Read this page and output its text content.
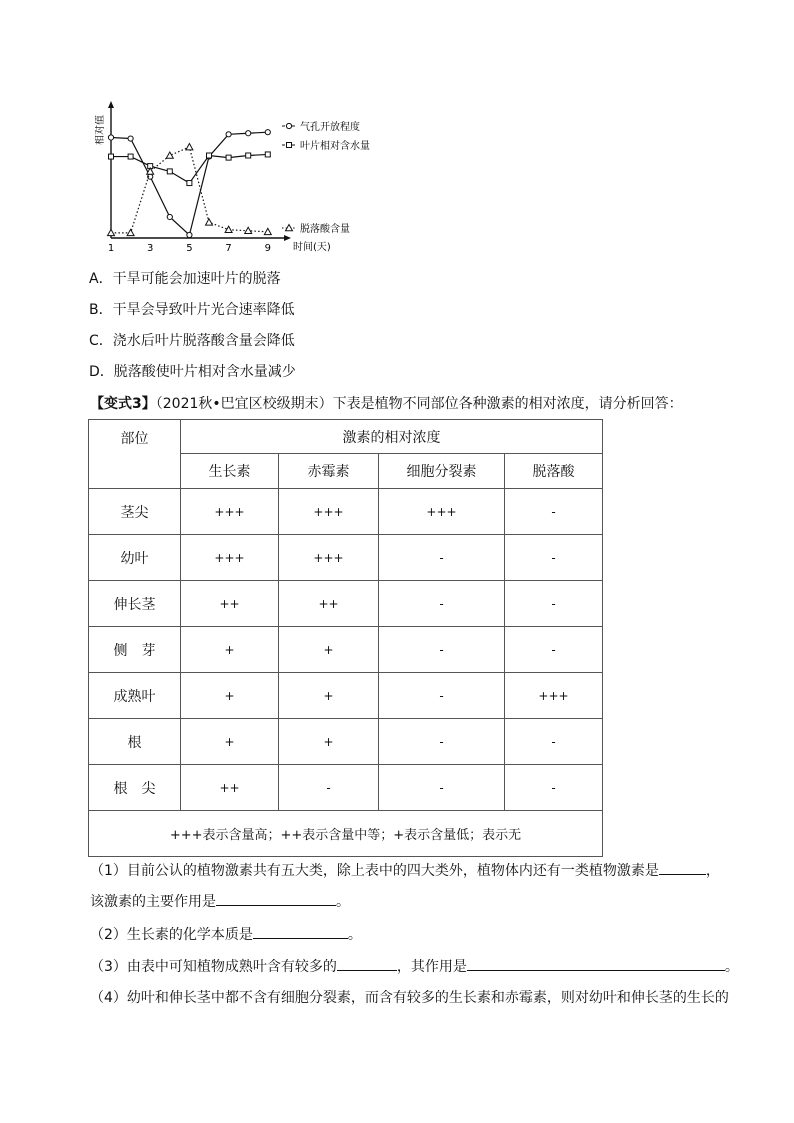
相对值
1	3	5	7	9 时间(天)
气孔开放程度
叶片相对含水量
脱落酸含量
A．干旱可能会加速叶片的脱落
B．干旱会导致叶片光合速率降低
C．浇水后叶片脱落酸含量会降低
D．脱落酸使叶片相对含水量减少
【变式3】（2021秋•巴宜区校级期末）下表是植物不同部位各种激素的相对浓度，请分析回答：
部位	激素的相对浓度			
	生长素	赤霉素	细胞分裂素	脱落酸
茎尖	+++	+++	+++	-
幼叶	+++	+++	-	-
伸长茎	++	++	-	-
侧　芽	+	+	-	-
成熟叶	+	+	-	+++
根	+	+	-	-
根　尖	++	-	-	-
+++表示含量高；++表示含量中等；+表示含量低；表示无				
（1）目前公认的植物激素共有五大类，除上表中的四大类外，植物体内还有一类植物激素是	，
该激素的主要作用是	。
（2）生长素的化学本质是	。
（3）由表中可知植物成熟叶含有较多的	，其作用是	。
（4）幼叶和伸长茎中都不含有细胞分裂素，而含有较多的生长素和赤霉素，则对幼叶和伸长茎的生长的
